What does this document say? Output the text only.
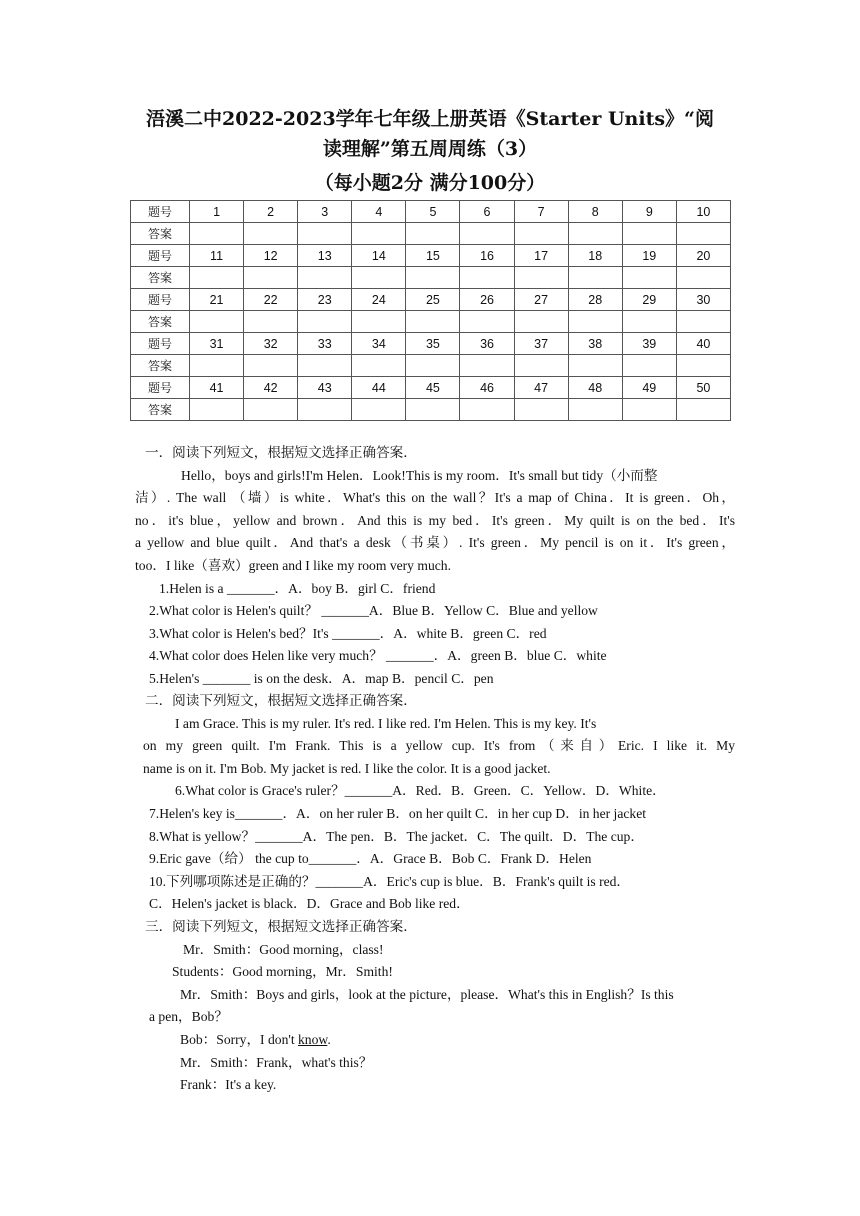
浯溪二中2022-2023学年七年级上册英语《Starter Units》“阅
读理解”第五周周练（3）
（每小题2分 满分100分）
题号	1	2	3	4	5	6	7	8	9	10
答案										
题号	11	12	13	14	15	16	17	18	19	20
答案										
题号	21	22	23	24	25	26	27	28	29	30
答案										
题号	31	32	33	34	35	36	37	38	39	40
答案										
题号	41	42	43	44	45	46	47	48	49	50
答案										
一．阅读下列短文，根据短文选择正确答案．
Hello，boys and girls!I'm Helen．Look!This is my room．It's small but tidy（小而整
洁）. The wall （墙）is white．What's this on the wall？It's a map of China．It is green．Oh，
no．it's blue，yellow and brown．And this is my bed．It's green．My quilt is on the bed．It's
a yellow and blue quilt．And that's a desk（书桌）. It's green．My pencil is on it．It's green，
too．I like（喜欢）green and I like my room very much.
1.Helen is a _______．A．boy B．girl C．friend
2.What color is Helen's quilt？ _______A．Blue B．Yellow C．Blue and yellow
3.What color is Helen's bed？It's _______．A．white B．green C．red
4.What color does Helen like very much？ _______．A．green B．blue C．white
5.Helen's _______ is on the desk．A．map B．pencil C．pen
二．阅读下列短文，根据短文选择正确答案．
I am Grace. This is my ruler. It's red. I like red. I'm Helen. This is my key. It's
on my green quilt. I'm Frank. This is a yellow cup. It's from（来自）Eric. I like it. My
name is on it. I'm Bob. My jacket is red. I like the color. It is a good jacket.
6.What color is Grace's ruler？_______A．Red．B．Green．C．Yellow．D．White．
7.Helen's key is_______．A．on her ruler B．on her quilt C．in her cup D．in her jacket
8.What is yellow？_______A．The pen．B．The jacket．C．The quilt．D．The cup．
9.Eric gave（给） the cup to_______．A．Grace B．Bob C．Frank D．Helen
10.下列哪项陈述是正确的？_______A．Eric's cup is blue．B．Frank's quilt is red．
C．Helen's jacket is black．D．Grace and Bob like red．
三．阅读下列短文，根据短文选择正确答案．
Mr．Smith：Good morning，class!
Students：Good morning，Mr．Smith!
Mr．Smith：Boys and girls，look at the picture，please．What's this in English？Is this
a pen，Bob？
Bob：Sorry，I don't know.
Mr．Smith：Frank，what's this？
Frank：It's a key.
